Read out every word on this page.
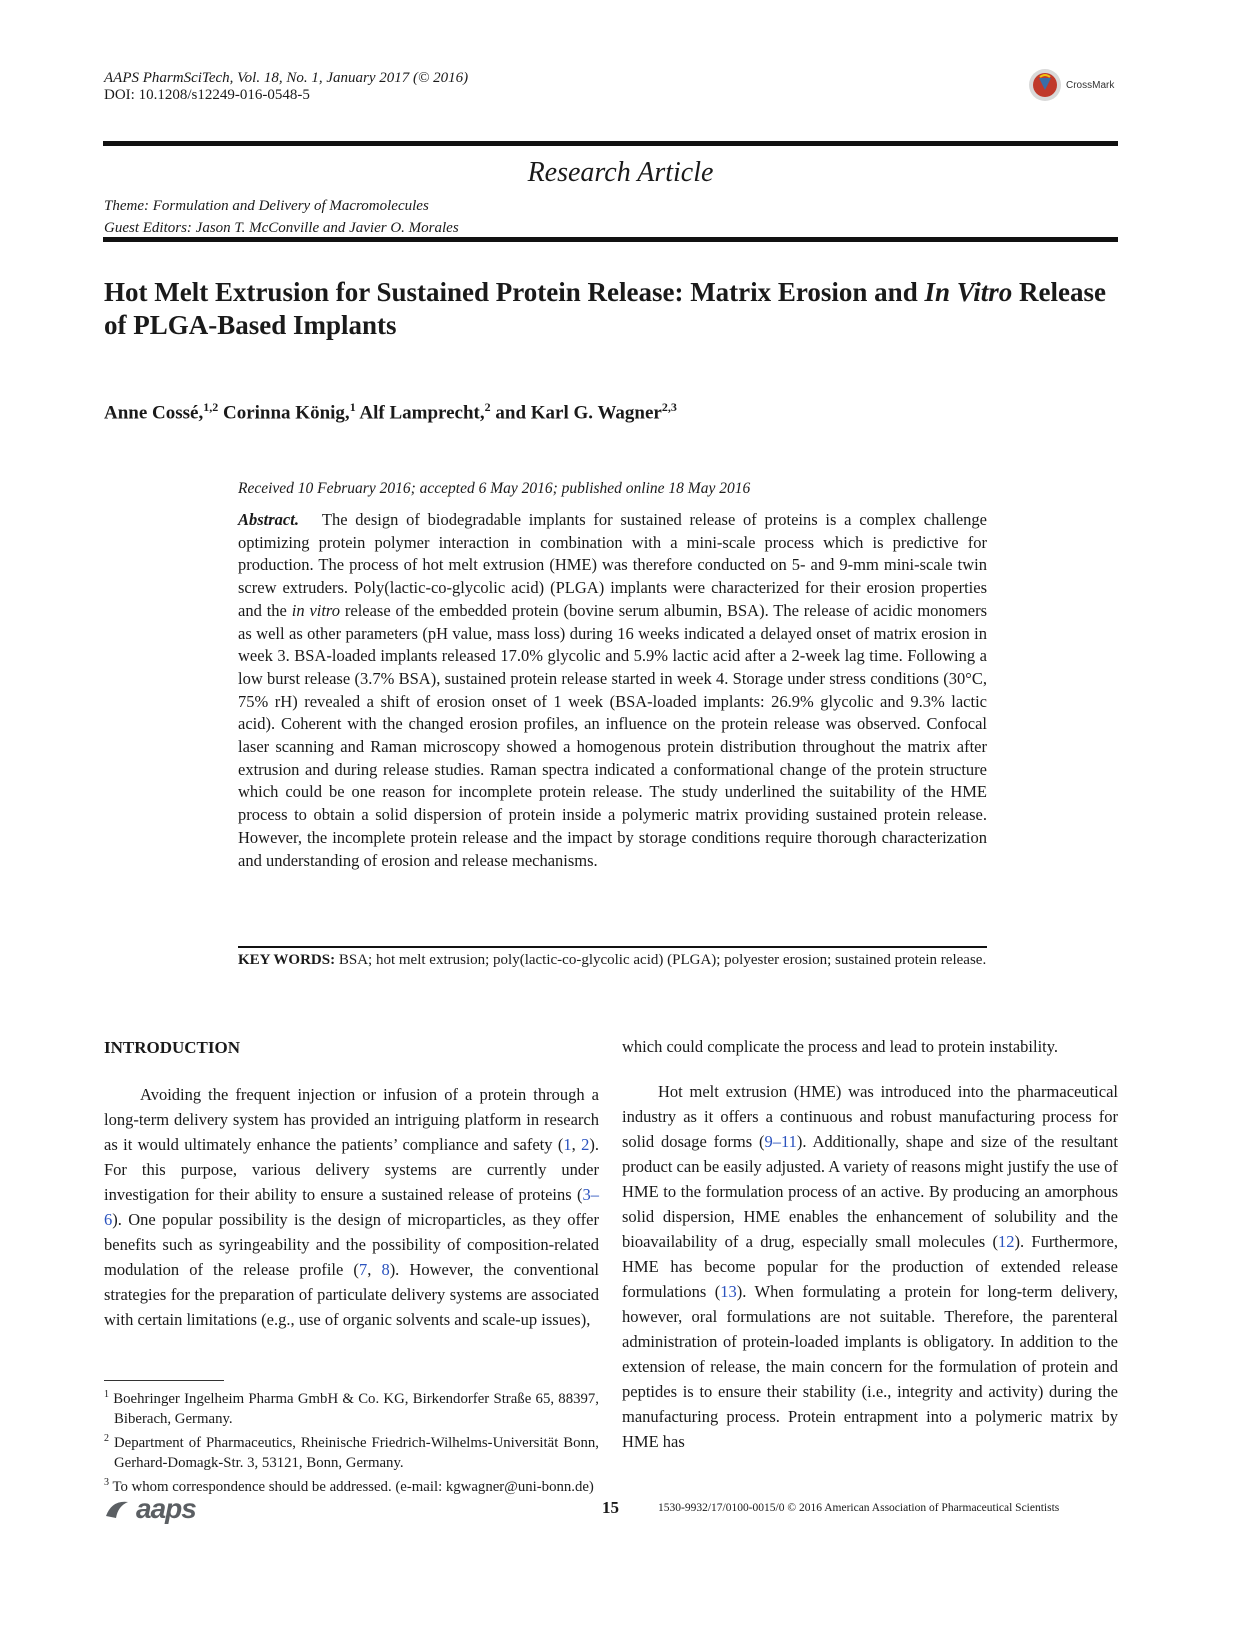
AAPS PharmSciTech, Vol. 18, No. 1, January 2017 (© 2016)
DOI: 10.1208/s12249-016-0548-5
CrossMark
Research Article
Theme: Formulation and Delivery of Macromolecules
Guest Editors: Jason T. McConville and Javier O. Morales
Hot Melt Extrusion for Sustained Protein Release: Matrix Erosion and In Vitro Release of PLGA-Based Implants
Anne Cossé,$^{1,2}$ Corinna König,$^1$ Alf Lamprecht,$^2$ and Karl G. Wagner$^{2,3}$
Received 10 February 2016; accepted 6 May 2016; published online 18 May 2016
Abstract. The design of biodegradable implants for sustained release of proteins is a complex challenge optimizing protein polymer interaction in combination with a mini-scale process which is predictive for production. The process of hot melt extrusion (HME) was therefore conducted on 5- and 9-mm mini-scale twin screw extruders. Poly(lactic-co-glycolic acid) (PLGA) implants were characterized for their erosion properties and the in vitro release of the embedded protein (bovine serum albumin, BSA). The release of acidic monomers as well as other parameters (pH value, mass loss) during 16 weeks indicated a delayed onset of matrix erosion in week 3. BSA-loaded implants released 17.0% glycolic and 5.9% lactic acid after a 2-week lag time. Following a low burst release (3.7% BSA), sustained protein release started in week 4. Storage under stress conditions (30°C, 75% rH) revealed a shift of erosion onset of 1 week (BSA-loaded implants: 26.9% glycolic and 9.3% lactic acid). Coherent with the changed erosion profiles, an influence on the protein release was observed. Confocal laser scanning and Raman microscopy showed a homogenous protein distribution throughout the matrix after extrusion and during release studies. Raman spectra indicated a conformational change of the protein structure which could be one reason for incomplete protein release. The study underlined the suitability of the HME process to obtain a solid dispersion of protein inside a polymeric matrix providing sustained protein release. However, the incomplete protein release and the impact by storage conditions require thorough characterization and understanding of erosion and release mechanisms.
KEY WORDS: BSA; hot melt extrusion; poly(lactic-co-glycolic acid) (PLGA); polyester erosion; sustained protein release.
INTRODUCTION
Avoiding the frequent injection or infusion of a protein through a long-term delivery system has provided an intriguing platform in research as it would ultimately enhance the patients’ compliance and safety (1, 2). For this purpose, various delivery systems are currently under investigation for their ability to ensure a sustained release of proteins (3–6). One popular possibility is the design of microparticles, as they offer benefits such as syringeability and the possibility of composition-related modulation of the release profile (7, 8). However, the conventional strategies for the preparation of particulate delivery systems are associated with certain limitations (e.g., use of organic solvents and scale-up issues),
which could complicate the process and lead to protein instability.
Hot melt extrusion (HME) was introduced into the pharmaceutical industry as it offers a continuous and robust manufacturing process for solid dosage forms (9–11). Additionally, shape and size of the resultant product can be easily adjusted. A variety of reasons might justify the use of HME to the formulation process of an active. By producing an amorphous solid dispersion, HME enables the enhancement of solubility and the bioavailability of a drug, especially small molecules (12). Furthermore, HME has become popular for the production of extended release formulations (13). When formulating a protein for long-term delivery, however, oral formulations are not suitable. Therefore, the parenteral administration of protein-loaded implants is obligatory. In addition to the extension of release, the main concern for the formulation of protein and peptides is to ensure their stability (i.e., integrity and activity) during the manufacturing process. Protein entrapment into a polymeric matrix by HME has
$^1$ Boehringer Ingelheim Pharma GmbH & Co. KG, Birkendorfer Straße 65, 88397, Biberach, Germany.
$^2$ Department of Pharmaceutics, Rheinische Friedrich-Wilhelms-Universität Bonn, Gerhard-Domagk-Str. 3, 53121, Bonn, Germany.
$^3$ To whom correspondence should be addressed. (e-mail: kgwagner@uni-bonn.de)
aaps	15	1530-9932/17/0100-0015/0 © 2016 American Association of Pharmaceutical Scientists
